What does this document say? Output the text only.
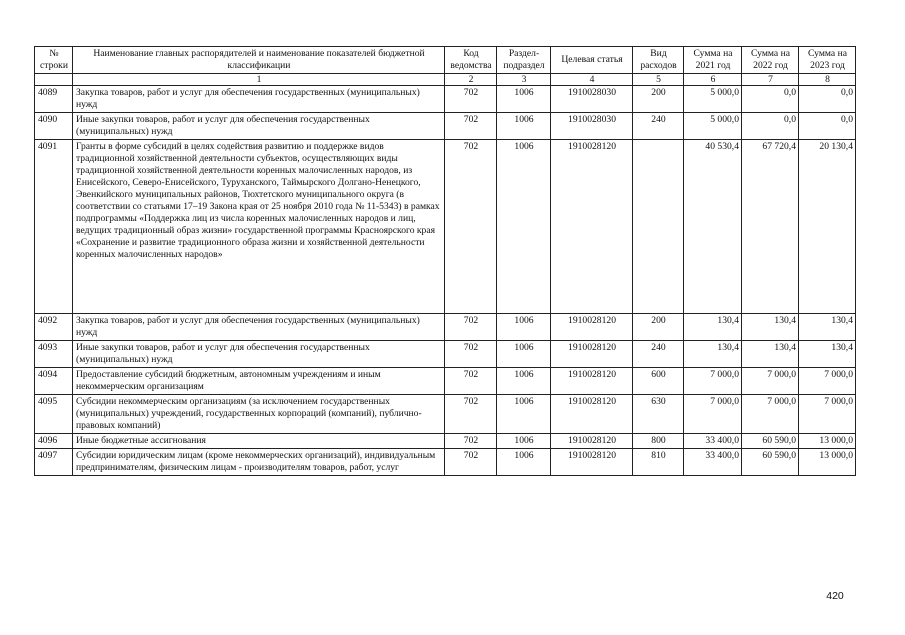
№ строки	Наименование главных распорядителей и наименование показателей бюджетной классификации	Код ведомства	Раздел-подраздел	Целевая статья	Вид расходов	Сумма на 2021 год	Сумма на 2022 год	Сумма на 2023 год
	1	2	3	4	5	6	7	8
4089	Закупка товаров, работ и услуг для обеспечения государственных (муниципальных) нужд	702	1006	1910028030	200	5 000,0	0,0	0,0
4090	Иные закупки товаров, работ и услуг для обеспечения государственных (муниципальных) нужд	702	1006	1910028030	240	5 000,0	0,0	0,0
4091	Гранты в форме субсидий в целях содействия развитию и поддержке видов традиционной хозяйственной деятельности субъектов, осуществляющих виды традиционной хозяйственной деятельности коренных малочисленных народов, из Енисейского, Северо-Енисейского, Туруханского, Таймырского Долгано-Ненецкого, Эвенкийского муниципальных районов, Тюхтетского муниципального округа (в соответствии со статьями 17–19 Закона края от 25 ноября 2010 года № 11-5343) в рамках подпрограммы «Поддержка лиц из числа коренных малочисленных народов и лиц, ведущих традиционный образ жизни» государственной программы Красноярского края «Сохранение и развитие традиционного образа жизни и хозяйственной деятельности коренных малочисленных народов»	702	1006	1910028120		40 530,4	67 720,4	20 130,4
4092	Закупка товаров, работ и услуг для обеспечения государственных (муниципальных) нужд	702	1006	1910028120	200	130,4	130,4	130,4
4093	Иные закупки товаров, работ и услуг для обеспечения государственных (муниципальных) нужд	702	1006	1910028120	240	130,4	130,4	130,4
4094	Предоставление субсидий бюджетным, автономным учреждениям и иным некоммерческим организациям	702	1006	1910028120	600	7 000,0	7 000,0	7 000,0
4095	Субсидии некоммерческим организациям (за исключением государственных (муниципальных) учреждений, государственных корпораций (компаний), публично-правовых компаний)	702	1006	1910028120	630	7 000,0	7 000,0	7 000,0
4096	Иные бюджетные ассигнования	702	1006	1910028120	800	33 400,0	60 590,0	13 000,0
4097	Субсидии юридическим лицам (кроме некоммерческих организаций), индивидуальным предпринимателям, физическим лицам - производителям товаров, работ, услуг	702	1006	1910028120	810	33 400,0	60 590,0	13 000,0
420
